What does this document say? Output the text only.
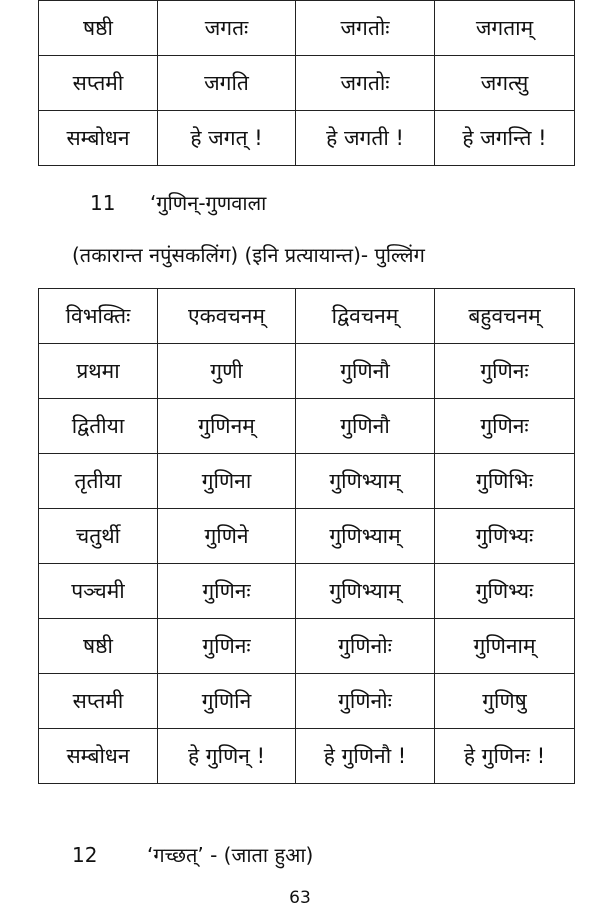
षष्ठी	जगतः	जगतोः	जगताम्
सप्तमी	जगति	जगतोः	जगत्सु
सम्बोधन	हे जगत् !	हे जगती !	हे जगन्ति !
11 ‘गुणिन्-गुणवाला
(तकारान्त नपुंसकलिंग) (इनि प्रत्यायान्त)- पुल्लिंग
विभक्तिः	एकवचनम्	द्विवचनम्	बहुवचनम्
प्रथमा	गुणी	गुणिनौ	गुणिनः
द्वितीया	गुणिनम्	गुणिनौ	गुणिनः
तृतीया	गुणिना	गुणिभ्याम्	गुणिभिः
चतुर्थी	गुणिने	गुणिभ्याम्	गुणिभ्यः
पञ्चमी	गुणिनः	गुणिभ्याम्	गुणिभ्यः
षष्ठी	गुणिनः	गुणिनोः	गुणिनाम्
सप्तमी	गुणिनि	गुणिनोः	गुणिषु
सम्बोधन	हे गुणिन् !	हे गुणिनौ !	हे गुणिनः !
12 ‘गच्छत्’ - (जाता हुआ)
63
